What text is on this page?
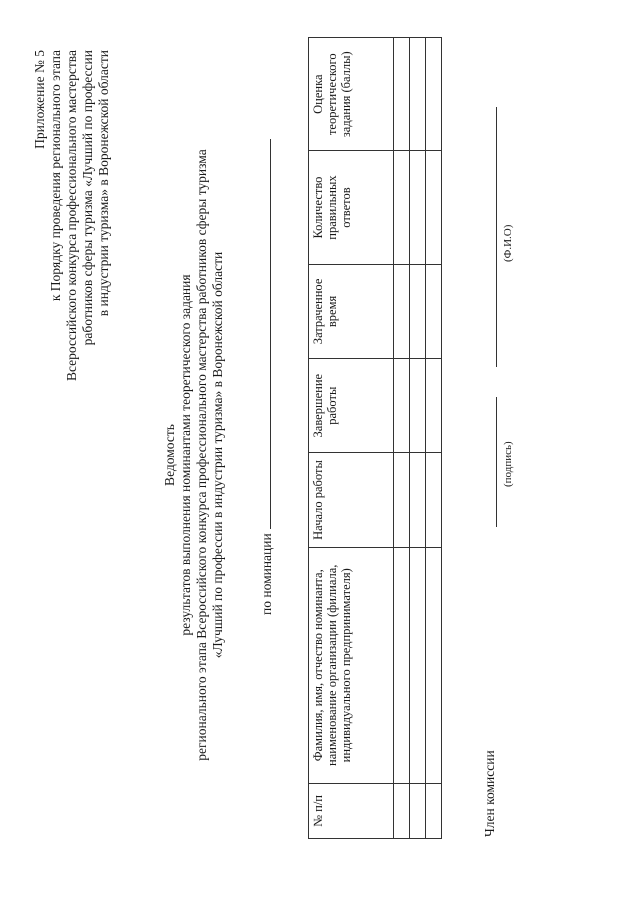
Приложение № 5 к Порядку проведения регионального этапа Всероссийского конкурса профессионального мастерства работников сферы туризма «Лучший по профессии в индустрии туризма» в Воронежской области
Ведомость результатов выполнения номинантами теоретического задания регионального этапа Всероссийского конкурса профессионального мастерства работников сферы туризма «Лучший по профессии в индустрии туризма» в Воронежской области	по номинации
№ п/п	Фамилия, имя, отчество номинанта, наименование организации (филиала, индивидуального предпринимателя)	Начало работы	Завершение работы	Затраченное время	Количество правильных ответов	Оценка теоретического задания (баллы)

Член комиссии
(подпись)
(Ф.И.О)
